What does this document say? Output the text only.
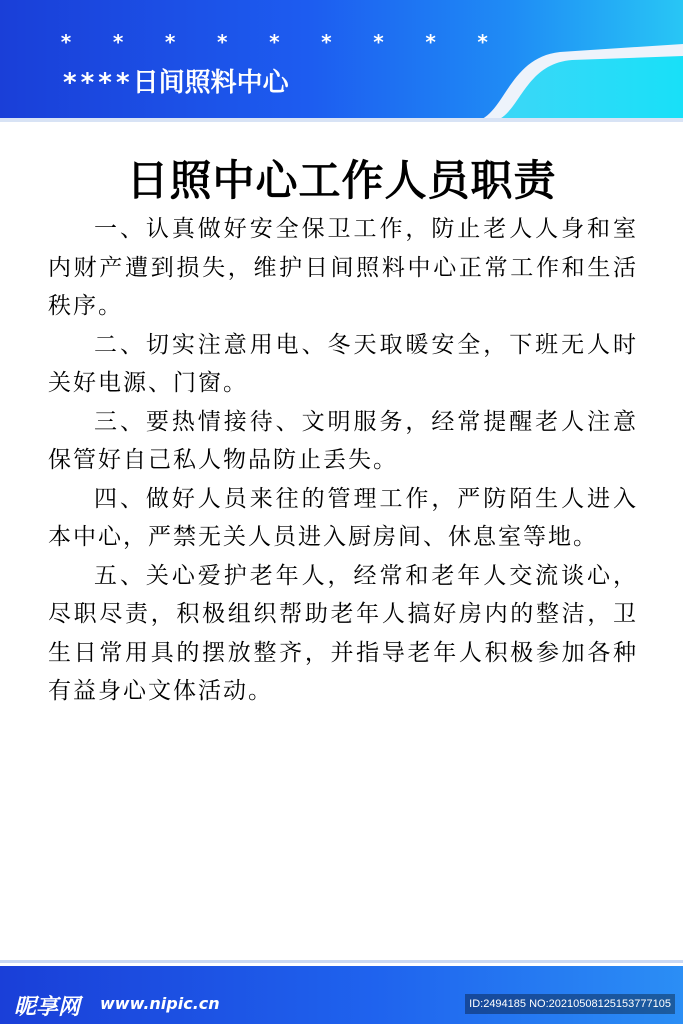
* * * * * * * * *
****日间照料中心
日照中心工作人员职责

一、认真做好安全保卫工作，防止老人人身和室内财产遭到损失，维护日间照料中心正常工作和生活秩序。

二、切实注意用电、冬天取暖安全，下班无人时关好电源、门窗。

三、要热情接待、文明服务，经常提醒老人注意保管好自己私人物品防止丢失。

四、做好人员来往的管理工作，严防陌生人进入本中心，严禁无关人员进入厨房间、休息室等地。

五、关心爱护老年人，经常和老年人交流谈心，尽职尽责，积极组织帮助老年人搞好房内的整洁，卫生日常用具的摆放整齐，并指导老年人积极参加各种有益身心文体活动。

昵享网 www.nipic.cn	ID:2494185 NO:20210508125153777105
